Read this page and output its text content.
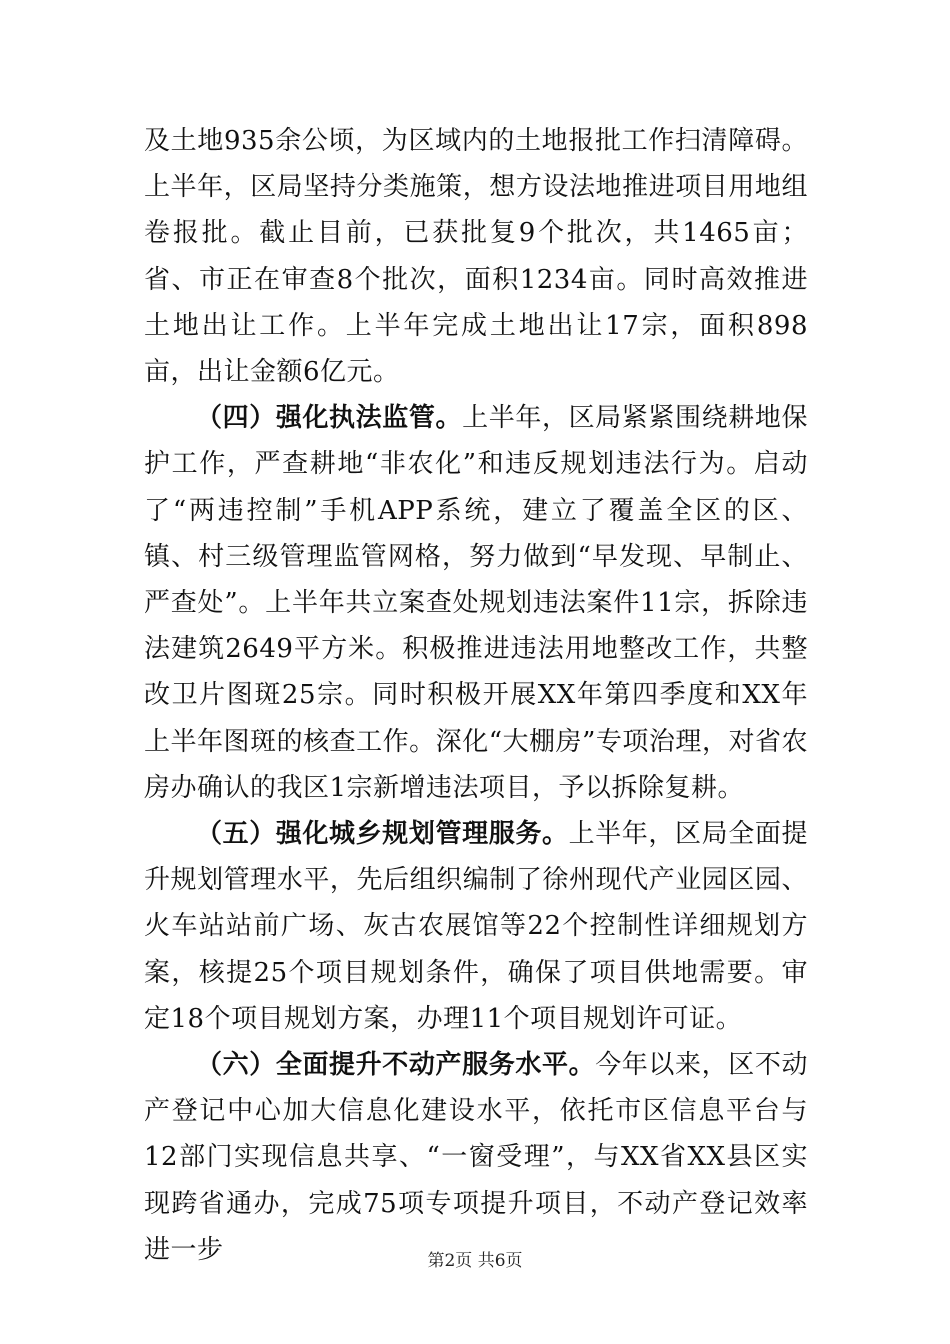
及土地935余公顷，为区域内的土地报批工作扫清障碍。上半年，区局坚持分类施策，想方设法地推进项目用地组卷报批。截止目前，已获批复9个批次，共1465亩；省、市正在审查8个批次，面积1234亩。同时高效推进土地出让工作。上半年完成土地出让17宗，面积898亩，出让金额6亿元。

（四）强化执法监管。上半年，区局紧紧围绕耕地保护工作，严查耕地“非农化”和违反规划违法行为。启动了“两违控制”手机APP系统，建立了覆盖全区的区、镇、村三级管理监管网格，努力做到“早发现、早制止、严查处”。上半年共立案查处规划违法案件11宗，拆除违法建筑2649平方米。积极推进违法用地整改工作，共整改卫片图斑25宗。同时积极开展XX年第四季度和XX年上半年图斑的核查工作。深化“大棚房”专项治理，对省农房办确认的我区1宗新增违法项目，予以拆除复耕。

（五）强化城乡规划管理服务。上半年，区局全面提升规划管理水平，先后组织编制了徐州现代产业园区园、火车站站前广场、灰古农展馆等22个控制性详细规划方案，核提25个项目规划条件，确保了项目供地需要。审定18个项目规划方案，办理11个项目规划许可证。

（六）全面提升不动产服务水平。今年以来，区不动产登记中心加大信息化建设水平，依托市区信息平台与12部门实现信息共享、“一窗受理”，与XX省XX县区实现跨省通办，完成75项专项提升项目，不动产登记效率进一步	第2页 共6页
